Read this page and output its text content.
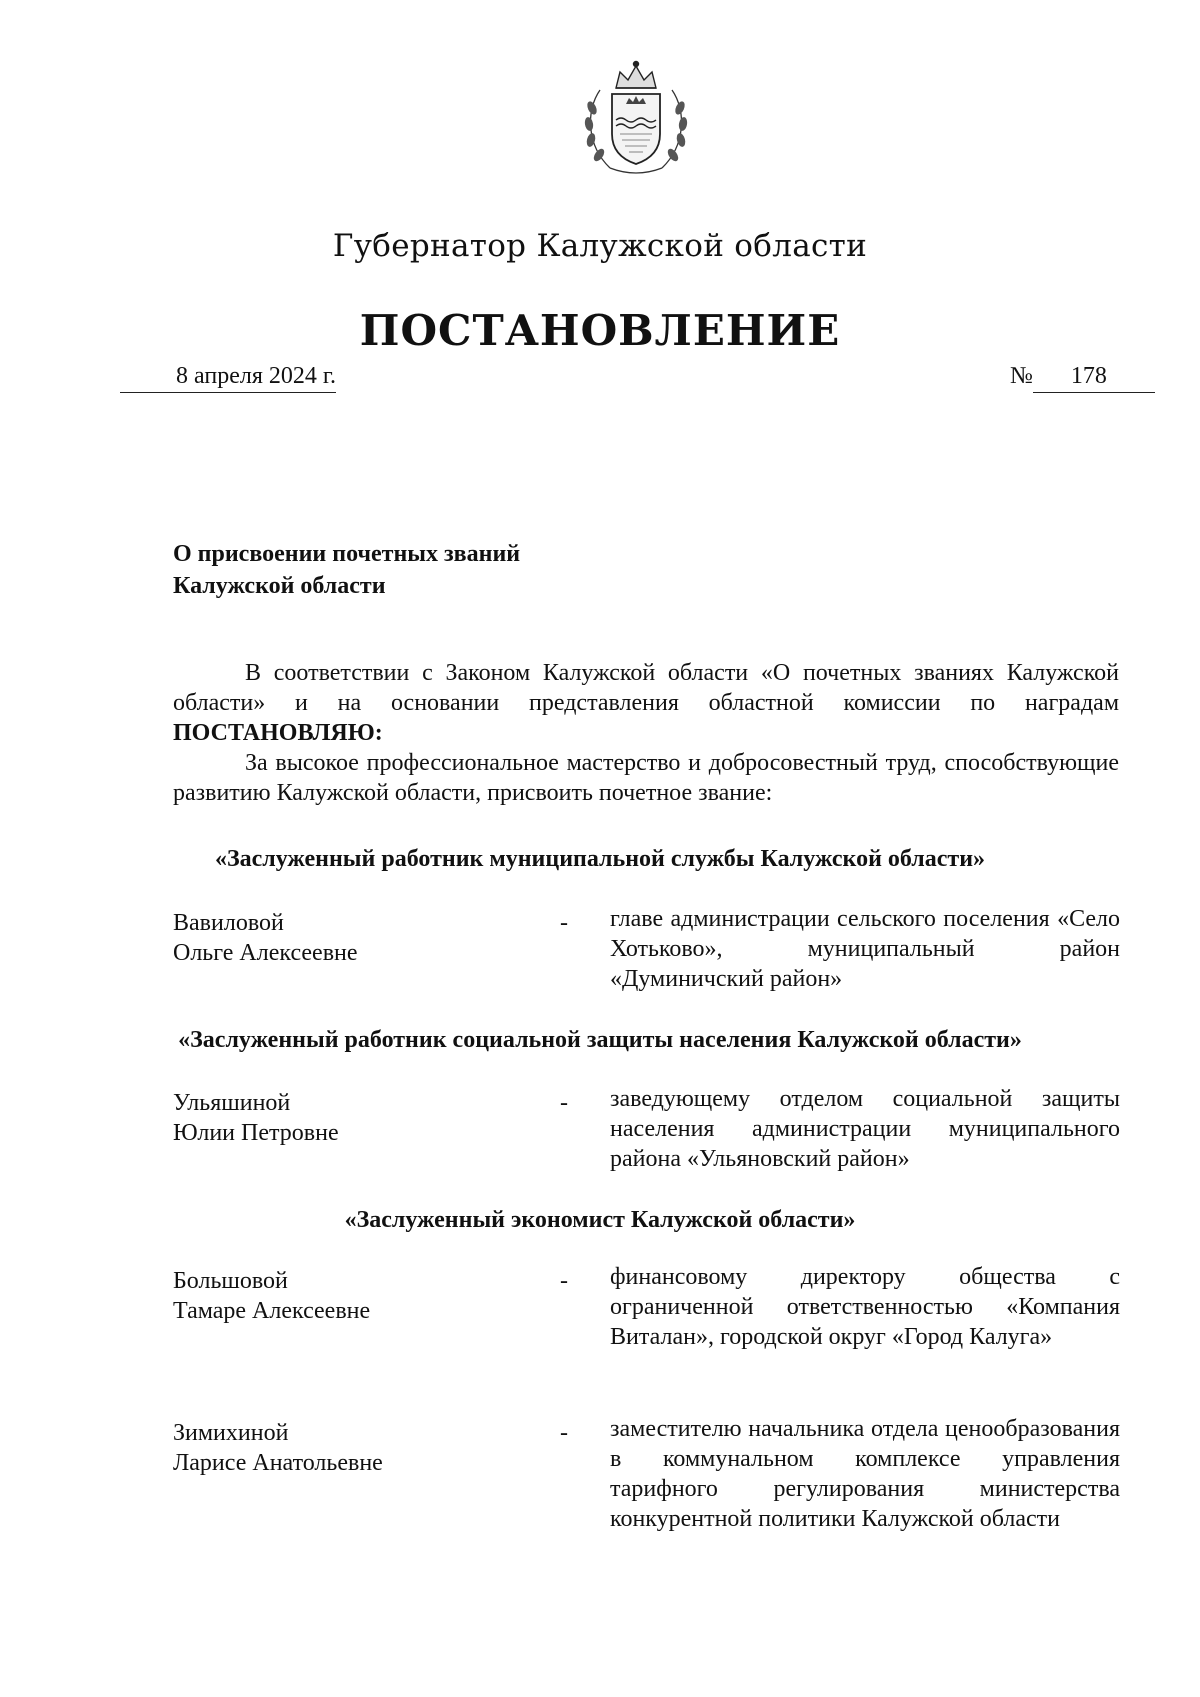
Губернатор Калужской области
ПОСТАНОВЛЕНИЕ
8 апреля 2024 г.	№ 178
О присвоении почетных званий
Калужской области

В соответствии с Законом Калужской области «О почетных званиях Калужской области» и на основании представления областной комиссии по наградам ПОСТАНОВЛЯЮ:

За высокое профессиональное мастерство и добросовестный труд, способствующие развитию Калужской области, присвоить почетное звание:

«Заслуженный работник муниципальной службы Калужской области»
Вавиловой
Ольге Алексеевне
-	главе администрации сельского поселения «Село Хотьково», муниципальный район «Думиничский район»
«Заслуженный работник социальной защиты населения Калужской области»
Ульяшиной
Юлии Петровне
-	заведующему отделом социальной защиты населения администрации муниципального района «Ульяновский район»
«Заслуженный экономист Калужской области»
Большовой
Тамаре Алексеевне
-	финансовому директору общества с ограниченной ответственностью «Компания Виталан», городской округ «Город Калуга»
Зимихиной
Ларисе Анатольевне
-	заместителю начальника отдела ценообразования в коммунальном комплексе управления тарифного регулирования министерства конкурентной политики Калужской области
